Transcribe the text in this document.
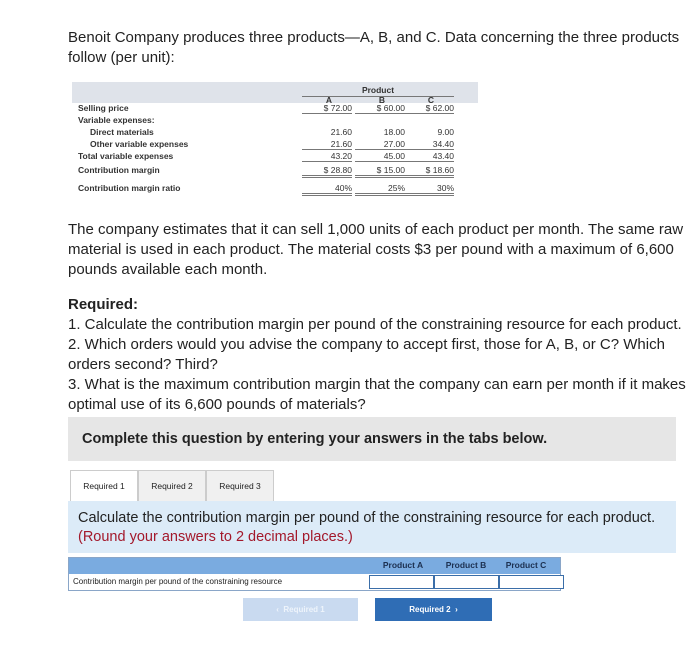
Benoit Company produces three products—A, B, and C. Data concerning the three products follow (per unit):
Product
A	B	C
Selling price	$ 72.00	$ 60.00	$ 62.00
Variable expenses:
Direct materials	21.60	18.00	9.00
Other variable expenses	21.60	27.00	34.40
Total variable expenses	43.20	45.00	43.40
Contribution margin	$ 28.80	$ 15.00	$ 18.60
Contribution margin ratio	40%	25%	30%
The company estimates that it can sell 1,000 units of each product per month. The same raw material is used in each product. The material costs $3 per pound with a maximum of 6,600 pounds available each month.
Required:
1. Calculate the contribution margin per pound of the constraining resource for each product.
2. Which orders would you advise the company to accept first, those for A, B, or C? Which orders second? Third?
3. What is the maximum contribution margin that the company can earn per month if it makes optimal use of its 6,600 pounds of materials?
Complete this question by entering your answers in the tabs below.
Required 1	Required 2	Required 3
Calculate the contribution margin per pound of the constraining resource for each product. (Round your answers to 2 decimal places.)
Product A	Product B	Product C
Contribution margin per pound of the constraining resource
‹  Required 1	Required 2 ›
